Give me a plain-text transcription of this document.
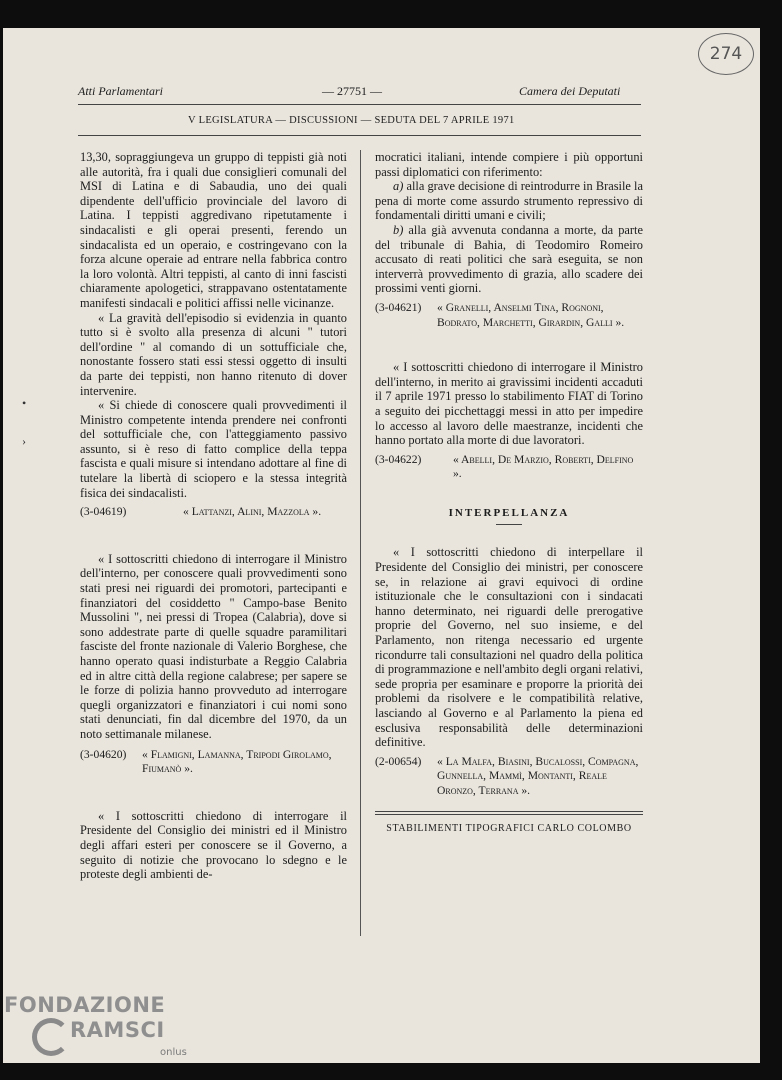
274
Atti Parlamentari	— 27751 —	Camera dei Deputati
V LEGISLATURA — DISCUSSIONI — SEDUTA DEL 7 APRILE 1971
•
›

13,30, sopraggiungeva un gruppo di teppisti già noti alle autorità, fra i quali due consiglieri comunali del MSI di Latina e di Sabaudia, uno dei quali dipendente dell'ufficio provinciale del lavoro di Latina. I teppisti aggredivano ripetutamente i sindacalisti e gli operai presenti, ferendo un sindacalista ed un operaio, e costringevano con la forza alcune operaie ad entrare nella fabbrica contro la loro volontà. Altri teppisti, al canto di inni fascisti chiaramente apologetici, strappavano ostentatamente manifesti sindacali e politici affissi nelle vicinanze.

« La gravità dell'episodio si evidenzia in quanto tutto si è svolto alla presenza di alcuni " tutori dell'ordine " al comando di un sottufficiale che, nonostante fossero stati essi stessi oggetto di insulti da parte dei teppisti, non hanno ritenuto di dover intervenire.

« Si chiede di conoscere quali provvedimenti il Ministro competente intenda prendere nei confronti del sottufficiale che, con l'atteggiamento passivo assunto, si è reso di fatto complice della teppa fascista e quali misure si intendano adottare al fine di tutelare la libertà di sciopero e la stessa integrità fisica dei sindacalisti.

(3-04619)	« Lattanzi, Alini, Mazzola ».

« I sottoscritti chiedono di interrogare il Ministro dell'interno, per conoscere quali provvedimenti sono stati presi nei riguardi dei promotori, partecipanti e finanziatori del cosiddetto " Campo-base Benito Mussolini ", nei pressi di Tropea (Calabria), dove si sono addestrate parte di quelle squadre paramilitari fasciste del fronte nazionale di Valerio Borghese, che hanno operato quasi indisturbate a Reggio Calabria ed in altre città della regione calabrese; per sapere se le forze di polizia hanno provveduto ad interrogare quegli organizzatori e finanziatori i cui nomi sono stati denunciati, fin dal dicembre del 1970, da un noto settimanale milanese.

(3-04620)	« Flamigni, Lamanna, Tripodi Girolamo, Fiumanò ».

« I sottoscritti chiedono di interrogare il Presidente del Consiglio dei ministri ed il Ministro degli affari esteri per conoscere se il Governo, a seguito di notizie che provocano lo sdegno e le proteste degli ambienti de-

mocratici italiani, intende compiere i più opportuni passi diplomatici con riferimento:

a) alla grave decisione di reintrodurre in Brasile la pena di morte come assurdo strumento repressivo di fondamentali diritti umani e civili;

b) alla già avvenuta condanna a morte, da parte del tribunale di Bahia, di Teodomiro Romeiro accusato di reati politici che sarà eseguita, se non interverrà provvedimento di grazia, allo scadere dei prossimi venti giorni.

(3-04621)	« Granelli, Anselmi Tina, Rognoni, Bodrato, Marchetti, Girardin, Galli ».

« I sottoscritti chiedono di interrogare il Ministro dell'interno, in merito ai gravissimi incidenti accaduti il 7 aprile 1971 presso lo stabilimento FIAT di Torino a seguito dei picchettaggi messi in atto per impedire lo accesso al lavoro delle maestranze, incidenti che hanno portato alla morte di due lavoratori.

(3-04622)	« Abelli, De Marzio, Roberti, Delfino ».
INTERPELLANZA

« I sottoscritti chiedono di interpellare il Presidente del Consiglio dei ministri, per conoscere se, in relazione ai gravi equivoci di ordine istituzionale che le consultazioni con i sindacati hanno determinato, nei riguardi delle prerogative proprie del Governo, nel suo insieme, e del Parlamento, non ritenga necessario ed urgente ricondurre tali consultazioni nel quadro della politica di programmazione e nell'ambito degli organi relativi, sede propria per esaminare e proporre la priorità dei problemi da risolvere e le compatibilità relative, lasciando al Governo e al Parlamento la piena ed esclusiva responsabilità delle determinazioni definitive.

(2-00654)	« La Malfa, Biasini, Bucalossi, Compagna, Gunnella, Mammì, Montanti, Reale Oronzo, Terrana ».
STABILIMENTI TIPOGRAFICI CARLO COLOMBO
FONDAZIONE
RAMSCI
onlus
